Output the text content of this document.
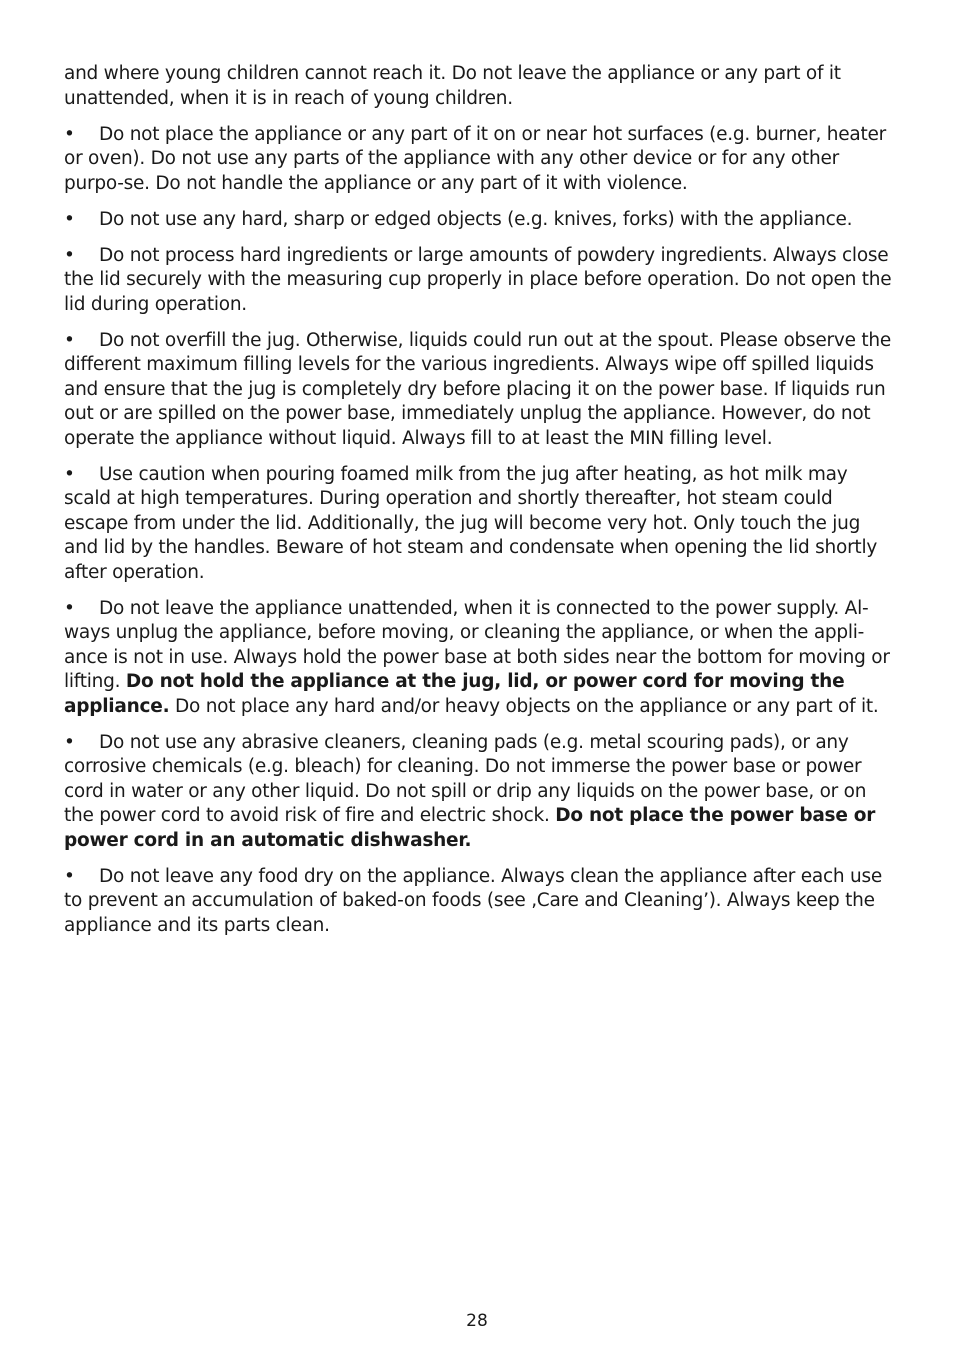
and where young children cannot reach it. Do not leave the appliance or any part of it unattended, when it is in reach of young children.

• Do not place the appliance or any part of it on or near hot surfaces (e.g. burner, heater or oven). Do not use any parts of the appliance with any other device or for any other purpo-se. Do not handle the appliance or any part of it with violence.

• Do not use any hard, sharp or edged objects (e.g. knives, forks) with the appliance.

• Do not process hard ingredients or large amounts of powdery ingredients. Always close the lid securely with the measuring cup properly in place before operation. Do not open the lid during operation.

• Do not overfill the jug. Otherwise, liquids could run out at the spout. Please observe the different maximum filling levels for the various ingredients. Always wipe off spilled liquids and ensure that the jug is completely dry before placing it on the power base. If liquids run out or are spilled on the power base, immediately unplug the appliance. However, do not operate the appliance without liquid. Always fill to at least the MIN filling level.

• Use caution when pouring foamed milk from the jug after heating, as hot milk may scald at high temperatures. During operation and shortly thereafter, hot steam could escape from under the lid. Additionally, the jug will become very hot. Only touch the jug and lid by the handles. Beware of hot steam and condensate when opening the lid shortly after operation.

• Do not leave the appliance unattended, when it is connected to the power supply. Al-ways unplug the appliance, before moving, or cleaning the appliance, or when the appli-ance is not in use. Always hold the power base at both sides near the bottom for moving or lifting. Do not hold the appliance at the jug, lid, or power cord for moving the appliance. Do not place any hard and/or heavy objects on the appliance or any part of it.

• Do not use any abrasive cleaners, cleaning pads (e.g. metal scouring pads), or any corrosive chemicals (e.g. bleach) for cleaning. Do not immerse the power base or power cord in water or any other liquid. Do not spill or drip any liquids on the power base, or on the power cord to avoid risk of fire and electric shock. Do not place the power base or power cord in an automatic dishwasher.

• Do not leave any food dry on the appliance. Always clean the appliance after each use to prevent an accumulation of baked-on foods (see ‚Care and Cleaning’). Always keep the appliance and its parts clean.

28
